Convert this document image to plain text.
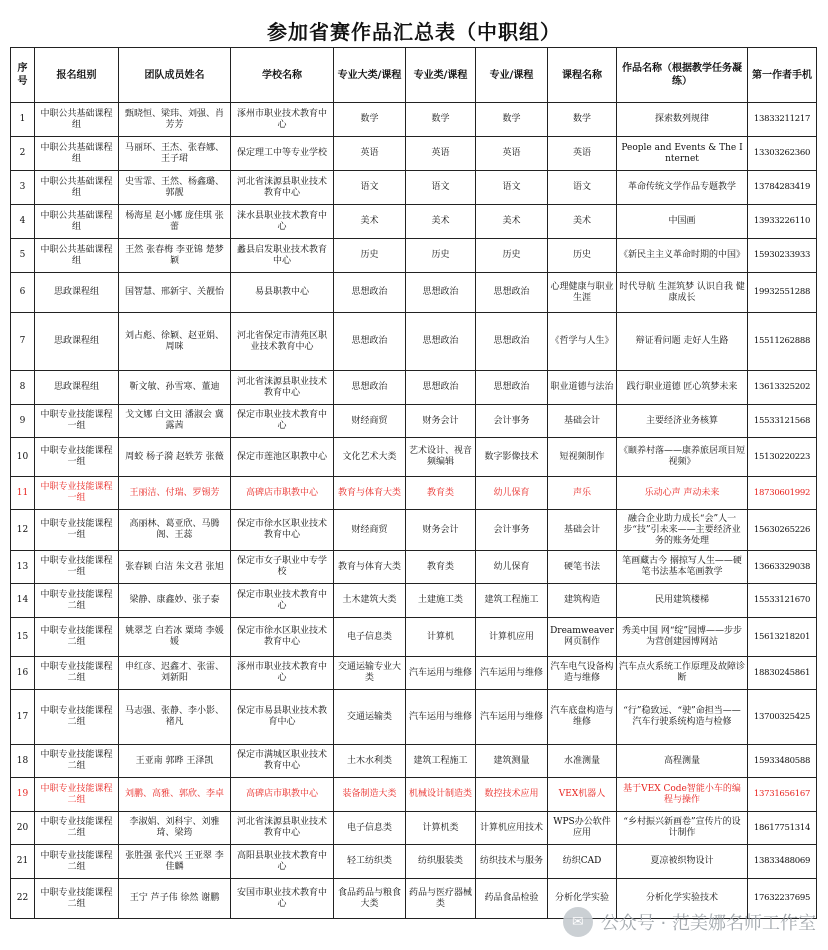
参加省赛作品汇总表（中职组）
序号	报名组别	团队成员姓名	学校名称	专业大类/课程	专业类/课程	专业/课程	课程名称	作品名称（根据教学任务凝练）	第一作者手机
1	中职公共基础课程组	甄晓恒、梁玮、刘强、肖芳芳	涿州市职业技术教育中心	数学	数学	数学	数学	探索数列规律	13833211217
2	中职公共基础课程组	马丽环、王杰、张春娜、王子珺	保定理工中等专业学校	英语	英语	英语	英语	People and Events & The Internet	13303262360
3	中职公共基础课程组	史雪霏、王然、杨鑫璐、郭靓	河北省涞源县职业技术教育中心	语文	语文	语文	语文	革命传统文学作品专题教学	13784283419
4	中职公共基础课程组	杨海星 赵小娜 庞佳琪 张蕾	涞水县职业技术教育中心	美术	美术	美术	美术	中国画	13933226110
5	中职公共基础课程组	王然 张春梅 李亚锦 楚梦颖	蠡县启发职业技术教育中心	历史	历史	历史	历史	《新民主主义革命时期的中国》	15930233933
6	思政课程组	国智慧、邢新宇、关靓怡	易县职教中心	思想政治	思想政治	思想政治	心理健康与职业生涯	时代导航 生涯筑梦 认识自我 健康成长	19932551288
7	思政课程组	刘占彪、徐颖、赵亚娟、周咪	河北省保定市清苑区职业技术教育中心	思想政治	思想政治	思想政治	《哲学与人生》	辩证看问题 走好人生路	15511262888
8	思政课程组	靳文敏、孙雪寒、董迪	河北省涞源县职业技术教育中心	思想政治	思想政治	思想政治	职业道德与法治	践行职业道德 匠心筑梦未来	13613325202
9	中职专业技能课程一组	戈文娜 白文田 潘淑会 冀露茜	保定市职业技术教育中心	财经商贸	财务会计	会计事务	基础会计	主要经济业务核算	15533121568
10	中职专业技能课程一组	周蛟 杨子漪 赵轶芳 张薇	保定市莲池区职教中心	文化艺术大类	艺术设计、视音频编辑	数字影像技术	短视频制作	《颐养村落——康养旅居项目短视频》	15130220223
11	中职专业技能课程一组	王丽洁、付瑞、罗锡芳	高碑店市职教中心	教育与体育大类	教育类	幼儿保育	声乐	乐动心声 声动未来	18730601992
12	中职专业技能课程一组	高丽林、葛亚欣、马腾阁、王蕊	保定市徐水区职业技术教育中心	财经商贸	财务会计	会计事务	基础会计	融合企业助力成长“会”人一步“技”引未来——主要经济业务的账务处理	15630265226
13	中职专业技能课程一组	张春颖 白洁 朱文君 张旭	保定市女子职业中专学校	教育与体育大类	教育类	幼儿保育	硬笔书法	笔画藏古今 搦掠写人生——硬笔书法基本笔画教学	13663329038
14	中职专业技能课程二组	梁静、康鑫妙、张子泰	保定市职业技术教育中心	土木建筑大类	土建施工类	建筑工程施工	建筑构造	民用建筑楼梯	15533121670
15	中职专业技能课程二组	姚翠芝 白若冰 粟琦 李媛媛	保定市徐水区职业技术教育中心	电子信息类	计算机	计算机应用	Dreamweaver网页制作	秀美中国 网“绽”园博——步步为营创建园博网站	15613218201
16	中职专业技能课程二组	申红彦、迟鑫才、张雷、刘新阳	涿州市职业技术教育中心	交通运输专业大类	汽车运用与维修	汽车运用与维修	汽车电气设备构造与维修	汽车点火系统工作原理及故障诊断	18830245861
17	中职专业技能课程二组	马志强、张静、李小影、褚凡	保定市易县职业技术教育中心	交通运输类	汽车运用与维修	汽车运用与维修	汽车底盘构造与维修	“行”稳致远、“驶”命担当——汽车行驶系统构造与检修	13700325425
18	中职专业技能课程二组	王亚南 郭晔 王泽凯	保定市满城区职业技术教育中心	土木水利类	建筑工程施工	建筑测量	水准测量	高程测量	15933480588
19	中职专业技能课程二组	刘鹏、高雅、郭欣、李卓	高碑店市职教中心	装备制造大类	机械设计制造类	数控技术应用	VEX机器人	基于VEX Code智能小车的编程与操作	13731656167
20	中职专业技能课程二组	李淑娟、刘科宇、刘雅琦、梁筠	河北省涞源县职业技术教育中心	电子信息类	计算机类	计算机应用技术	WPS办公软件应用	“乡村振兴新画卷”宣传片的设计制作	18617751314
21	中职专业技能课程二组	张胜强 张代兴 王亚翠 李佳麟	高阳县职业技术教育中心	轻工纺织类	纺织服装类	纺织技术与服务	纺织CAD	夏凉被织物设计	13833488069
22	中职专业技能课程二组	王宁 芦子伟 徐然 谢鹏	安国市职业技术教育中心	食品药品与粮食大类	药品与医疗器械类	药品食品检验	分析化学实验	分析化学实验技术	17632237695
✉ 公众号 · 范美娜名师工作室
